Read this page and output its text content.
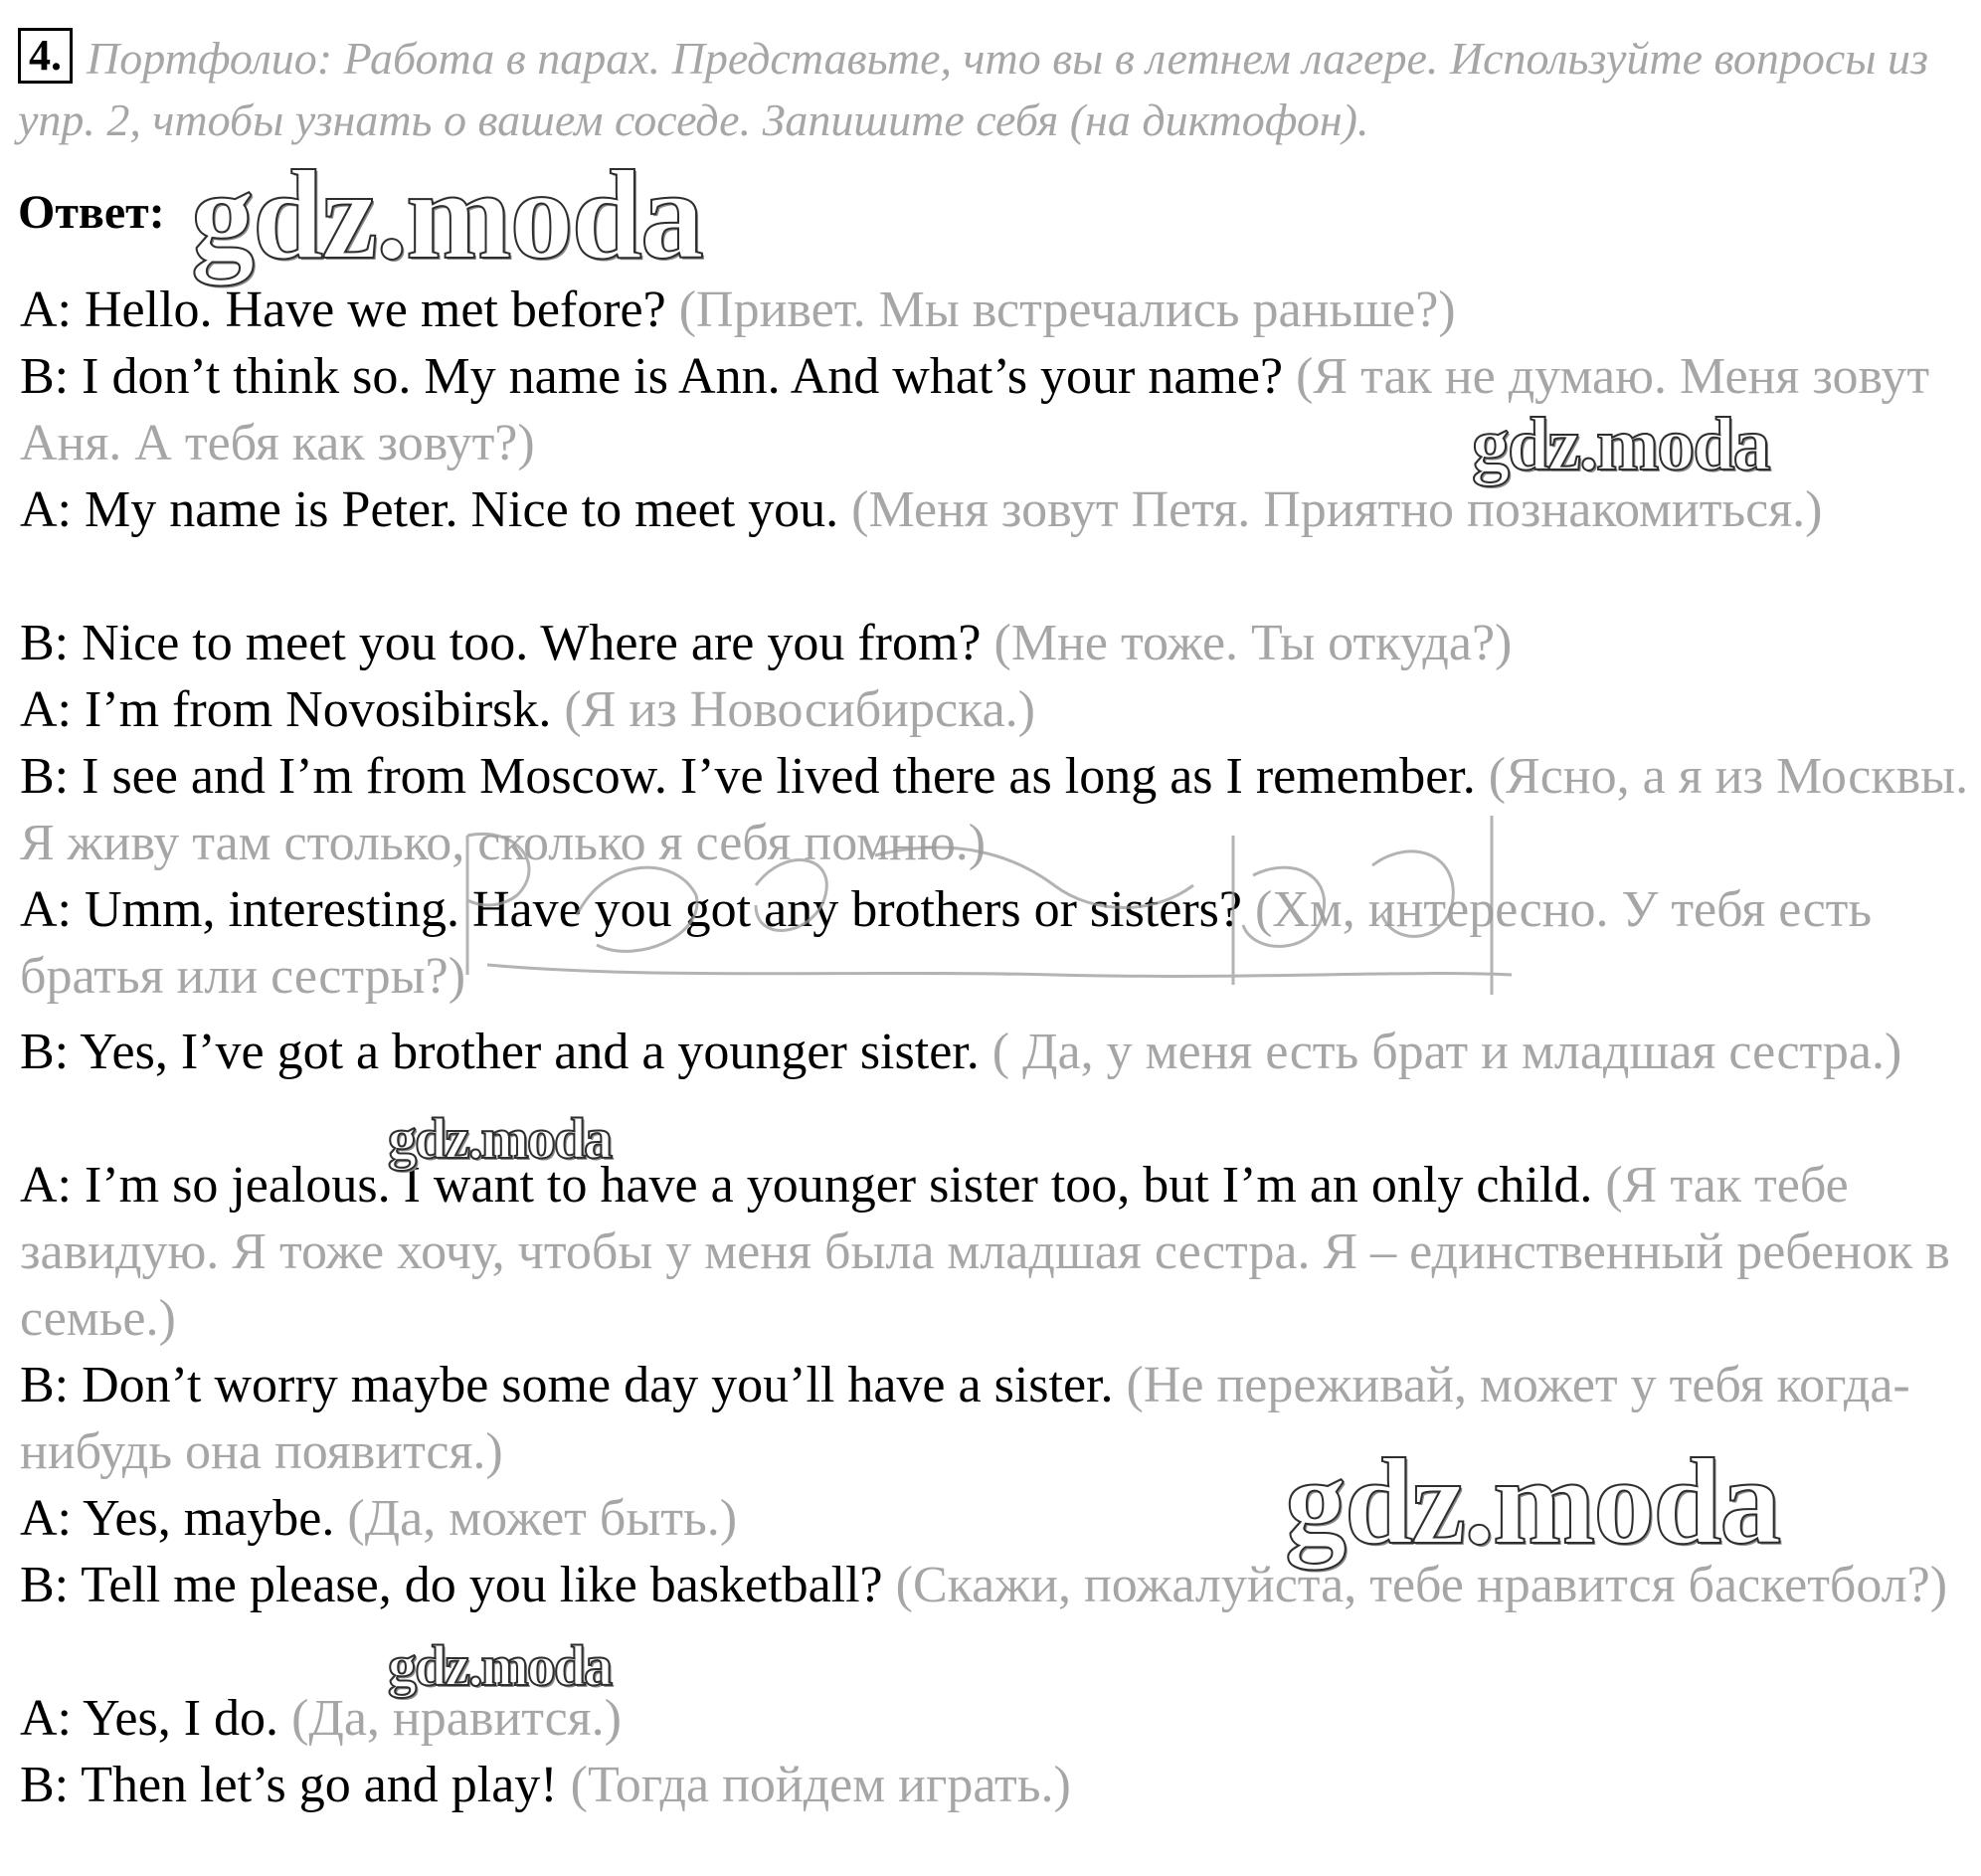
4. Портфолио: Работа в парах. Представьте, что вы в летнем лагере. Используйте вопросы из упр. 2, чтобы узнать о вашем соседе. Запишите себя (на диктофон).
Ответ:
A: Hello. Have we met before? (Привет. Мы встречались раньше?)
B: I don’t think so. My name is Ann. And what’s your name? (Я так не думаю. Меня зовут Аня. А тебя как зовут?)
A: My name is Peter. Nice to meet you. (Меня зовут Петя. Приятно познакомиться.)
B: Nice to meet you too. Where are you from? (Мне тоже. Ты откуда?)
A: I’m from Novosibirsk. (Я из Новосибирска.)
B: I see and I’m from Moscow. I’ve lived there as long as I remember. (Ясно, а я из Москвы. Я живу там столько, сколько я себя помню.)
A: Umm, interesting. Have you got any brothers or sisters? (Хм, интересно. У тебя есть братья или сестры?)
B: Yes, I’ve got a brother and a younger sister. ( Да, у меня есть брат и младшая сестра.)
A: I’m so jealous. I want to have a younger sister too, but I’m an only child. (Я так тебе завидую. Я тоже хочу, чтобы у меня была младшая сестра. Я – единственный ребенок в семье.)
B: Don’t worry maybe some day you’ll have a sister. (Не переживай, может у тебя когда-нибудь она появится.)
A: Yes, maybe. (Да, может быть.)
B: Tell me please, do you like basketball? (Скажи, пожалуйста, тебе нравится баскетбол?)
A: Yes, I do. (Да, нравится.)
B: Then let’s go and play! (Тогда пойдем играть.)
gdz.moda
gdz.moda
gdz.moda
gdz.moda
gdz.moda
